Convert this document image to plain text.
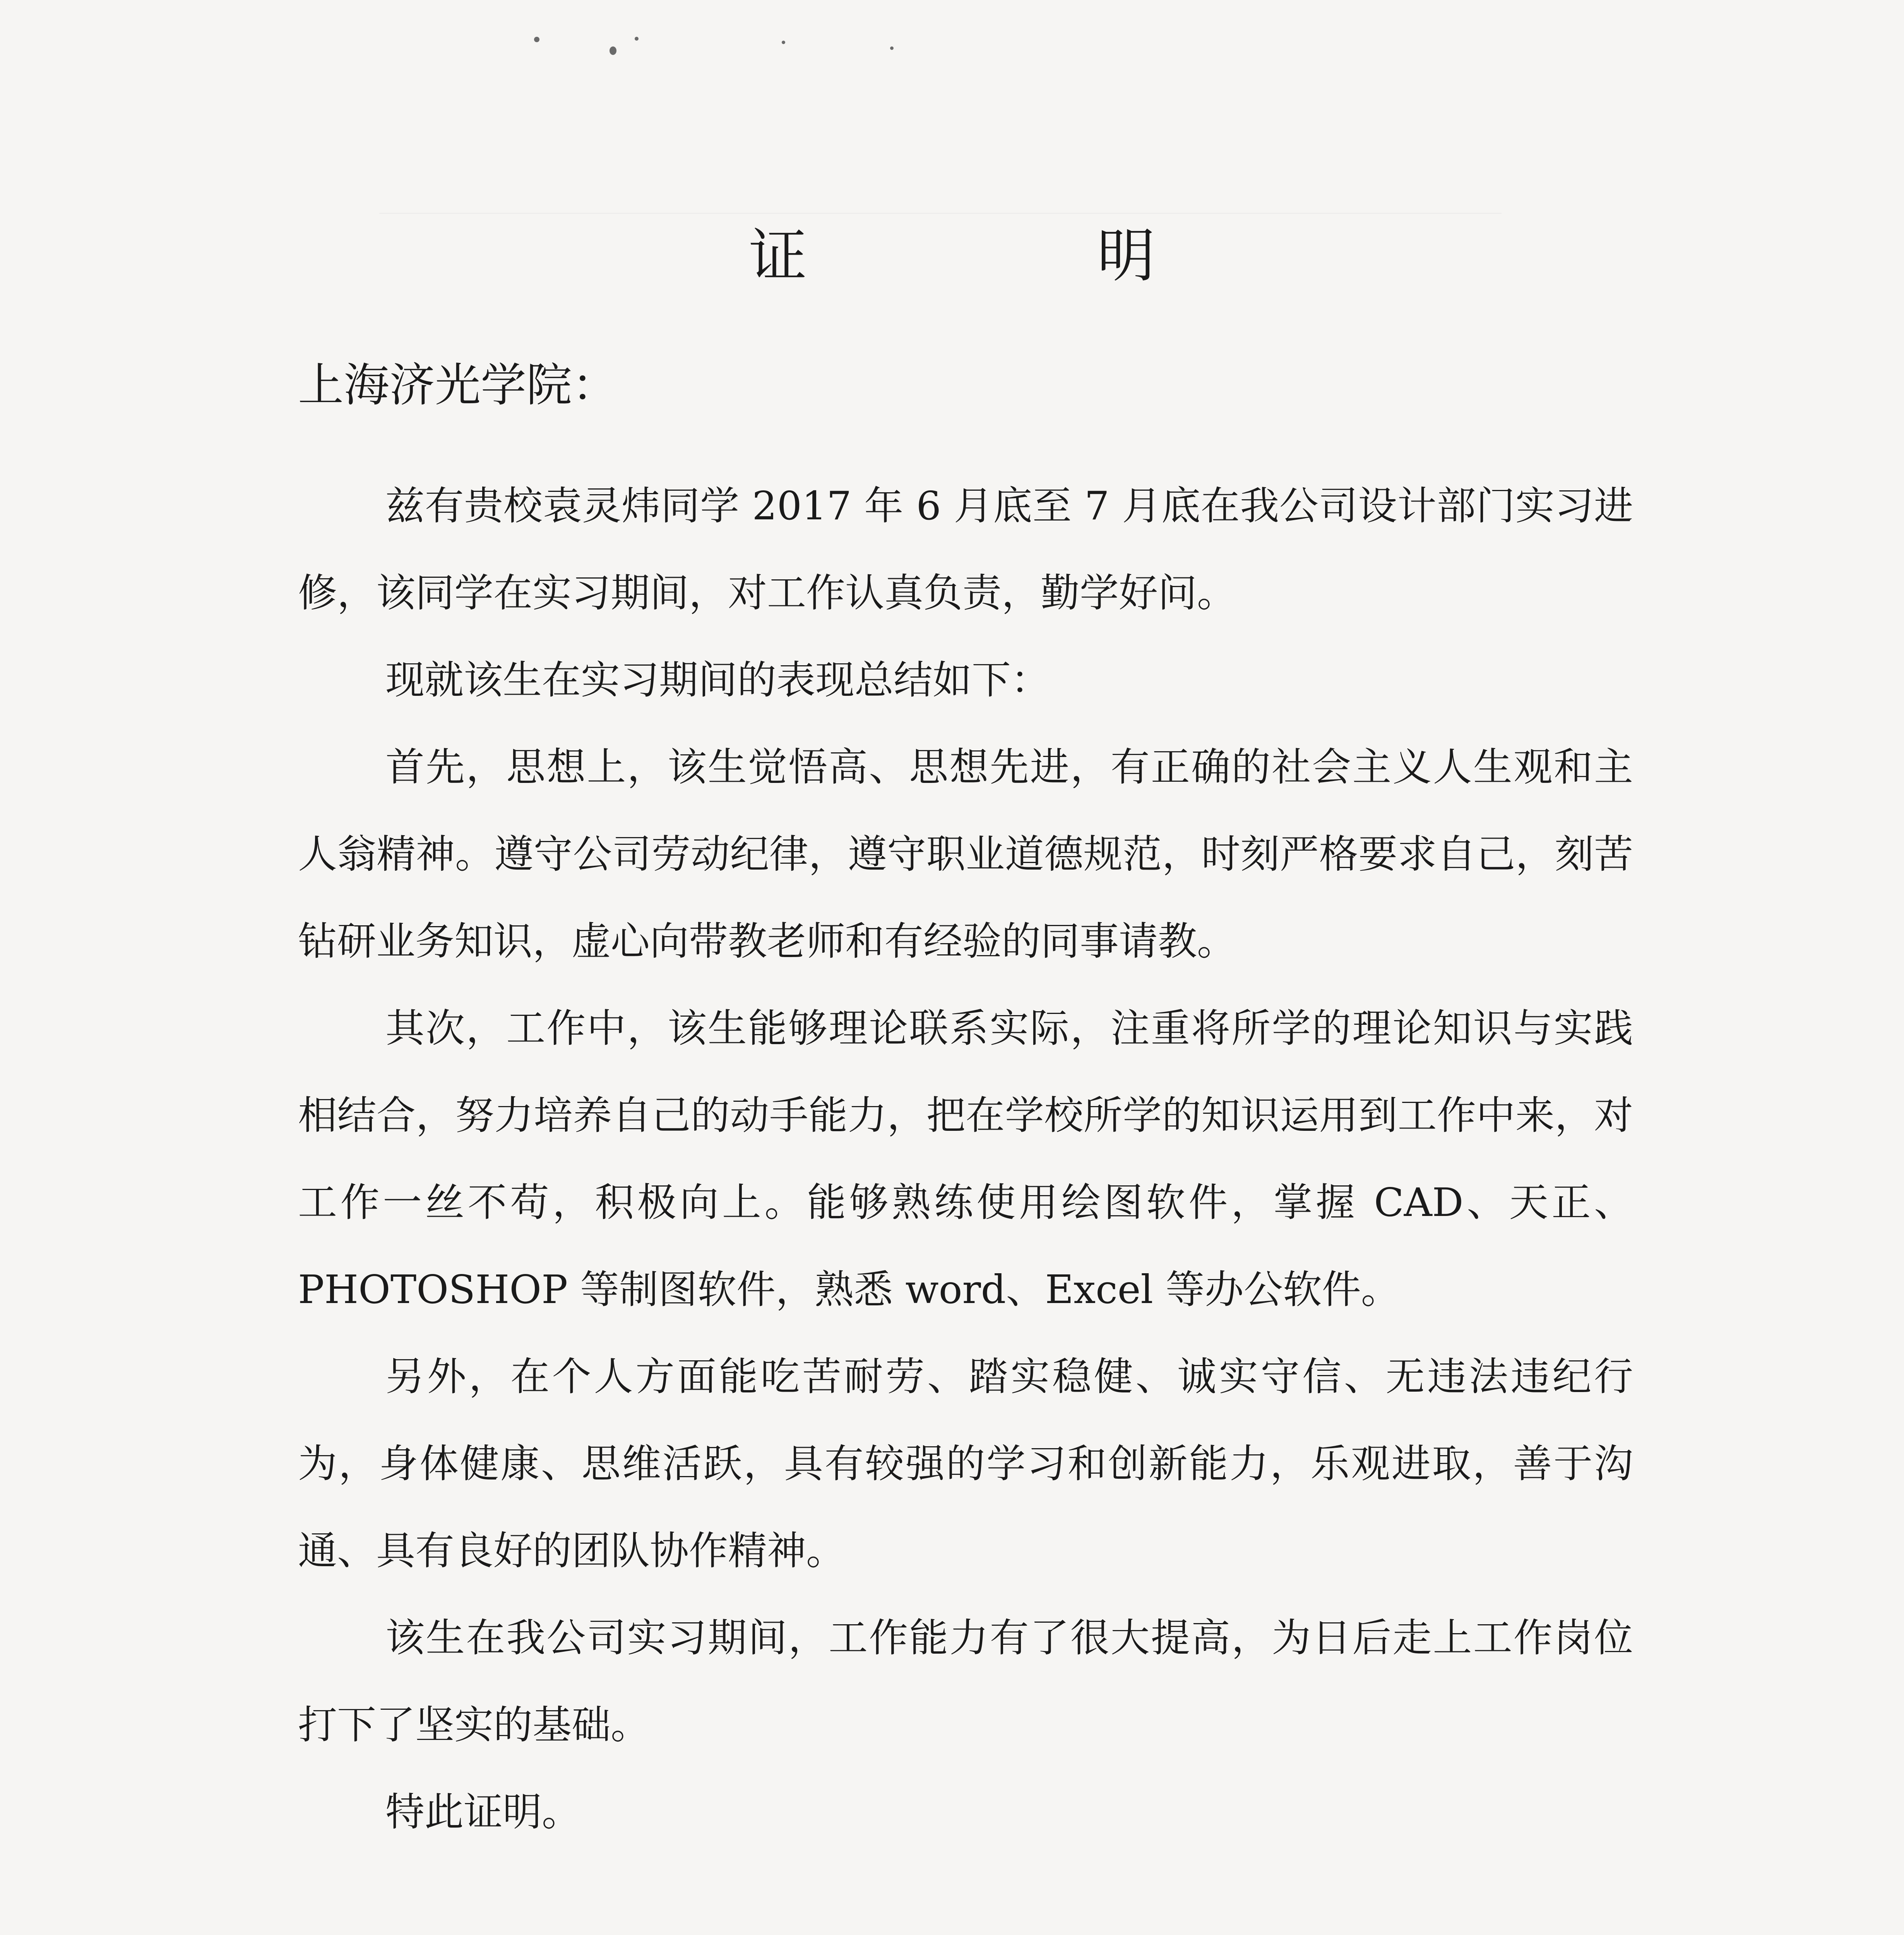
证　明
上海济光学院：

兹有贵校袁灵炜同学 2017 年 6 月底至 7 月底在我公司设计部门实习进修，该同学在实习期间，对工作认真负责，勤学好问。

现就该生在实习期间的表现总结如下：

首先，思想上，该生觉悟高、思想先进，有正确的社会主义人生观和主人翁精神。遵守公司劳动纪律，遵守职业道德规范，时刻严格要求自己，刻苦钻研业务知识，虚心向带教老师和有经验的同事请教。

其次，工作中，该生能够理论联系实际，注重将所学的理论知识与实践相结合，努力培养自己的动手能力，把在学校所学的知识运用到工作中来，对工作一丝不苟，积极向上。能够熟练使用绘图软件，掌握 CAD、天正、PHOTOSHOP 等制图软件，熟悉 word、Excel 等办公软件。

另外，在个人方面能吃苦耐劳、踏实稳健、诚实守信、无违法违纪行为，身体健康、思维活跃，具有较强的学习和创新能力，乐观进取，善于沟通、具有良好的团队协作精神。

该生在我公司实习期间，工作能力有了很大提高，为日后走上工作岗位打下了坚实的基础。

特此证明。
